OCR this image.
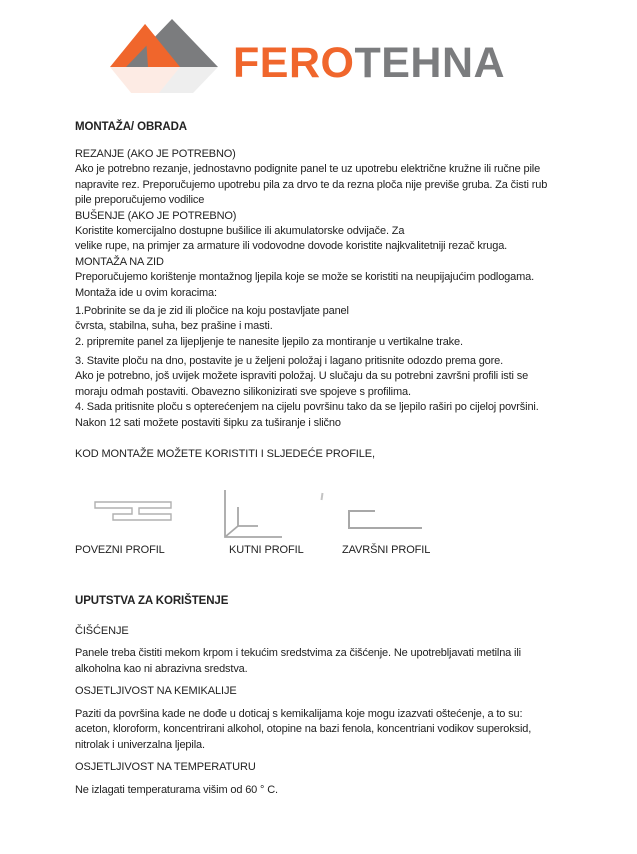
FEROTEHNA
MONTAŽA/ OBRADA
REZANJE (AKO JE POTREBNO)
Ako je potrebno rezanje, jednostavno podignite panel te uz upotrebu električne kružne ili ručne pile
napravite rez. Preporučujemo upotrebu pila za drvo te da rezna ploča nije previše gruba. Za čisti rub
pile preporučujemo vodilice
BUŠENJE (AKO JE POTREBNO)
Koristite komercijalno dostupne bušilice ili akumulatorske odvijače. Za
velike rupe, na primjer za armature ili vodovodne dovode koristite najkvalitetniji rezač kruga.
MONTAŽA NA ZID
Preporučujemo korištenje montažnog ljepila koje se može se koristiti na neupijajućim podlogama.
Montaža ide u ovim koracima:
1.Pobrinite se da je zid ili pločice na koju postavljate panel
čvrsta, stabilna, suha, bez prašine i masti.
2. pripremite panel za lijepljenje te nanesite ljepilo za montiranje u vertikalne trake.
3. Stavite ploču na dno, postavite je u željeni položaj i lagano pritisnite odozdo prema gore.
Ako je potrebno, još uvijek možete ispraviti položaj. U slučaju da su potrebni završni profili isti se
moraju odmah postaviti. Obavezno silikonizirati sve spojeve s profilima.
4. Sada pritisnite ploču s opterećenjem na cijelu površinu tako da se ljepilo raširi po cijeloj površini.
Nakon 12 sati možete postaviti šipku za tuširanje i slično

KOD MONTAŽE MOŽETE KORISTITI I SLJEDEĆE PROFILE,

POVEZNI PROFIL	KUTNI PROFIL	ZAVRŠNI PROFIL
UPUTSTVA ZA KORIŠTENJE
ČIŠĆENJE
Panele treba čistiti mekom krpom i tekućim sredstvima za čišćenje. Ne upotrebljavati metilna ili
alkoholna kao ni abrazivna sredstva.
OSJETLJIVOST NA KEMIKALIJE
Paziti da površina kade ne dođe u doticaj s kemikalijama koje mogu izazvati oštećenje, a to su:
aceton, kloroform, koncentrirani alkohol, otopine na bazi fenola, koncentriani vodikov superoksid,
nitrolak i univerzalna ljepila.
OSJETLJIVOST NA TEMPERATURU
Ne izlagati temperaturama višim od 60 ° C.
